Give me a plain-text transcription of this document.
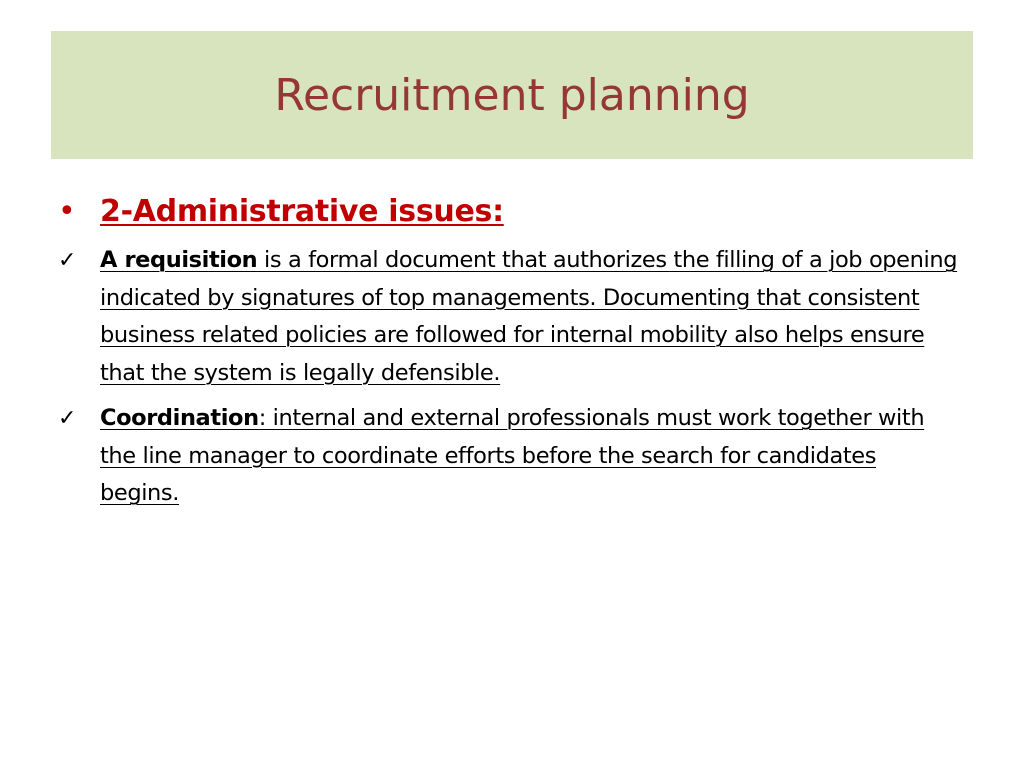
Recruitment planning
• 2-Administrative issues:
✓	A requisition is a formal document that authorizes the filling of a job opening indicated by signatures of top managements. Documenting that consistent business related policies are followed for internal mobility also helps ensure that the system is legally defensible.
✓	Coordination: internal and external professionals must work together with the line manager to coordinate efforts before the search for candidates begins.
